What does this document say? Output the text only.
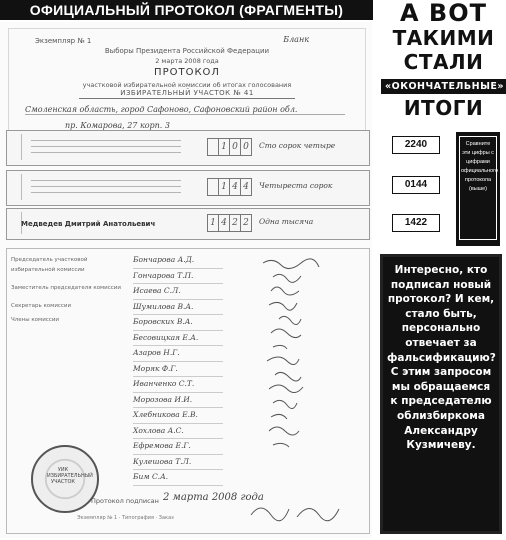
ОФИЦИАЛЬНЫЙ ПРОТОКОЛ (ФРАГМЕНТЫ)
Экземпляр № 1	Бланк
Выборы Президента Российской Федерации
2 марта 2008 года
ПРОТОКОЛ
участковой избирательной комиссии об итогах голосования
ИЗБИРАТЕЛЬНЫЙ УЧАСТОК № 41
Смоленская область, город Сафоново, Сафоновский район обл.
пр. Комарова, 27 корп. 3
1 0 0	Сто сорок четыре
1 4 4	Четыреста сорок
Медведев Дмитрий Анатольевич	1 4 2 2	Одна тысяча
Председатель участковой избирательной комиссии
Заместитель председателя комиссии
Секретарь комиссии
Члены комиссии
Бончарова А.Д.
Гончарова Т.П.
Исаева С.Л.
Шумилова В.А.
Боровских В.А.
Бесовицкая Е.А.
Азаров Н.Г.
Моряк Ф.Г.
Иванченко С.Т.
Морозова И.И.
Хлебникова Е.В.
Хохлова А.С.
Ефремова Е.Г.
Кулешова Т.Л.
Бим С.А.
УИК ИЗБИРАТЕЛЬНЫЙ УЧАСТОК
Протокол подписан 2 марта 2008 года
Экземпляр № 1 · Типография · Заказ
А ВОТ
ТАКИМИ
СТАЛИ
«ОКОНЧАТЕЛЬНЫЕ»
ИТОГИ
2240
0144
1422
Сравните эти цифры с цифрами официального протокола (выше)
Интересно, кто подписал новый протокол? И кем, стало быть, персонально отвечает за фальсификацию? С этим запросом мы обращаемся к председателю облизбиркома Александру Кузмичеву.
